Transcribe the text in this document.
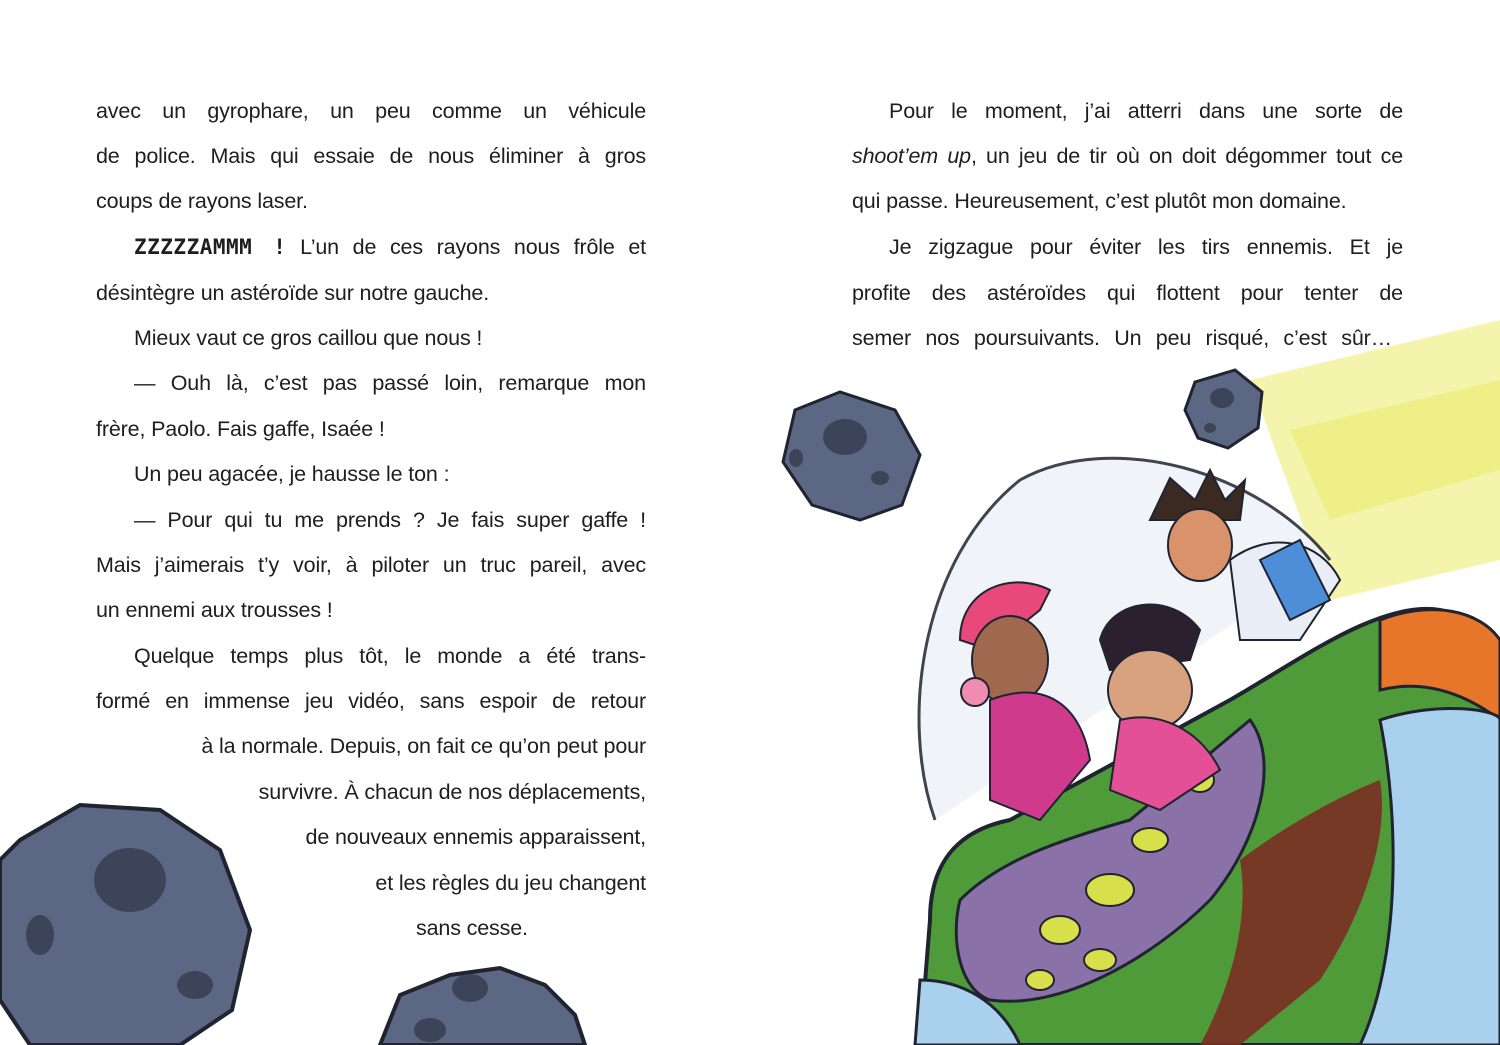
avec un gyrophare, un peu comme un véhicule
de police. Mais qui essaie de nous éliminer à gros
coups de rayons laser.
ZZZZZAMMM ! L’un de ces rayons nous frôle et
désintègre un astéroïde sur notre gauche.
Mieux vaut ce gros caillou que nous !
— Ouh là, c’est pas passé loin, remarque mon
frère, Paolo. Fais gaffe, Isaée !
Un peu agacée, je hausse le ton :
— Pour qui tu me prends ? Je fais super gaffe !
Mais j’aimerais t’y voir, à piloter un truc pareil, avec
un ennemi aux trousses !
Quelque temps plus tôt, le monde a été trans-
formé en immense jeu vidéo, sans espoir de retour
à la normale. Depuis, on fait ce qu’on peut pour
survivre. À chacun de nos déplacements,
de nouveaux ennemis apparaissent,
et les règles du jeu changent
sans cesse.
Pour le moment, j’ai atterri dans une sorte de
shoot’em up, un jeu de tir où on doit dégommer tout ce
qui passe. Heureusement, c’est plutôt mon domaine.
Je zigzague pour éviter les tirs ennemis. Et je
profite des astéroïdes qui flottent pour tenter de
semer nos poursuivants. Un peu risqué, c’est sûr…
